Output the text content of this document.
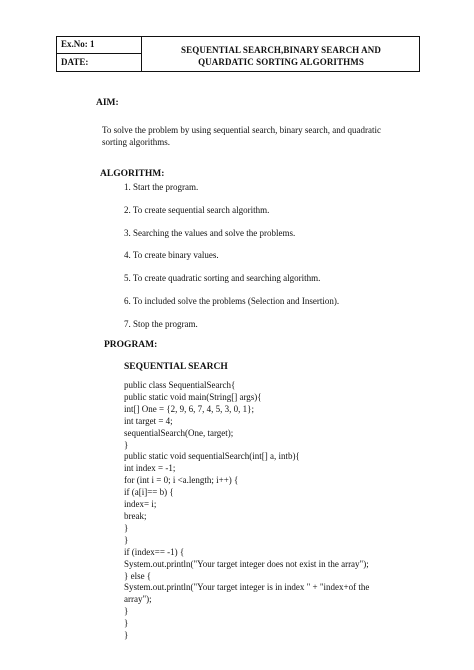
Ex.No: 1
DATE:
SEQUENTIAL SEARCH,BINARY SEARCH AND
QUARDATIC SORTING ALGORITHMS
AIM:
To solve the problem by using sequential search, binary search, and quadratic sorting algorithms.
ALGORITHM:
1. Start the program.
2. To create sequential search algorithm.
3. Searching the values and solve the problems.
4. To create binary values.
5. To create quadratic sorting and searching algorithm.
6. To included solve the problems (Selection and Insertion).
7. Stop the program.
PROGRAM:
SEQUENTIAL SEARCH
public class SequentialSearch{
public static void main(String[] args){
int[] One = {2, 9, 6, 7, 4, 5, 3, 0, 1};
int target = 4;
sequentialSearch(One, target);
}
public static void sequentialSearch(int[] a, intb){
int index = -1;
for (int i = 0; i <a.length; i++) {
if (a[i]== b) {
index= i;
break;
}
}
if (index== -1) {
System.out.println("Your target integer does not exist in the array");
} else {
System.out.println("Your target integer is in index " + "index+of the
array");
}
}
}
